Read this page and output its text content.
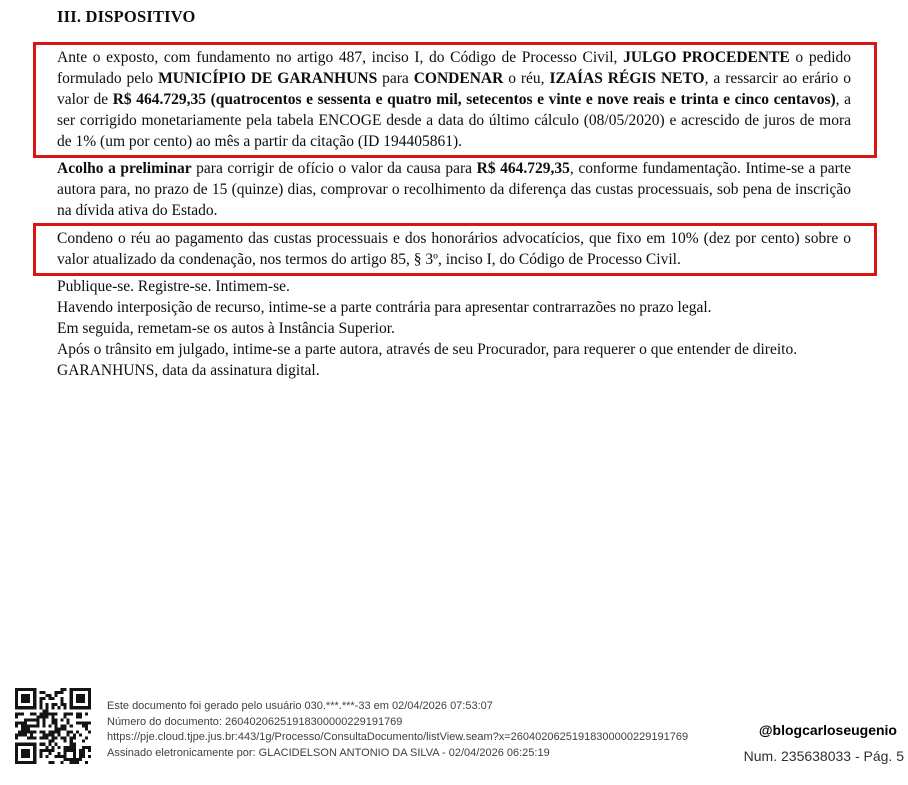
III. DISPOSITIVO

Ante o exposto, com fundamento no artigo 487, inciso I, do Código de Processo Civil, JULGO PROCEDENTE o pedido formulado pelo MUNICÍPIO DE GARANHUNS para CONDENAR o réu, IZAÍAS RÉGIS NETO, a ressarcir ao erário o valor de R$ 464.729,35 (quatrocentos e sessenta e quatro mil, setecentos e vinte e nove reais e trinta e cinco centavos), a ser corrigido monetariamente pela tabela ENCOGE desde a data do último cálculo (08/05/2020) e acrescido de juros de mora de 1% (um por cento) ao mês a partir da citação (ID 194405861).

Acolho a preliminar para corrigir de ofício o valor da causa para R$ 464.729,35, conforme fundamentação. Intime-se a parte autora para, no prazo de 15 (quinze) dias, comprovar o recolhimento da diferença das custas processuais, sob pena de inscrição na dívida ativa do Estado.

Condeno o réu ao pagamento das custas processuais e dos honorários advocatícios, que fixo em 10% (dez por cento) sobre o valor atualizado da condenação, nos termos do artigo 85, § 3º, inciso I, do Código de Processo Civil.

Publique-se. Registre-se. Intimem-se.

Havendo interposição de recurso, intime-se a parte contrária para apresentar contrarrazões no prazo legal.

Em seguida, remetam-se os autos à Instância Superior.

Após o trânsito em julgado, intime-se a parte autora, através de seu Procurador, para requerer o que entender de direito.

GARANHUNS, data da assinatura digital.

Este documento foi gerado pelo usuário 030.***.***-33 em 02/04/2026 07:53:07
Número do documento: 26040206251918300000229191769
https://pje.cloud.tjpe.jus.br:443/1g/Processo/ConsultaDocumento/listView.seam?x=26040206251918300000229191769
Assinado eletronicamente por: GLACIDELSON ANTONIO DA SILVA - 02/04/2026 06:25:19
@blogcarloseugenio
Num. 235638033 - Pág. 5
